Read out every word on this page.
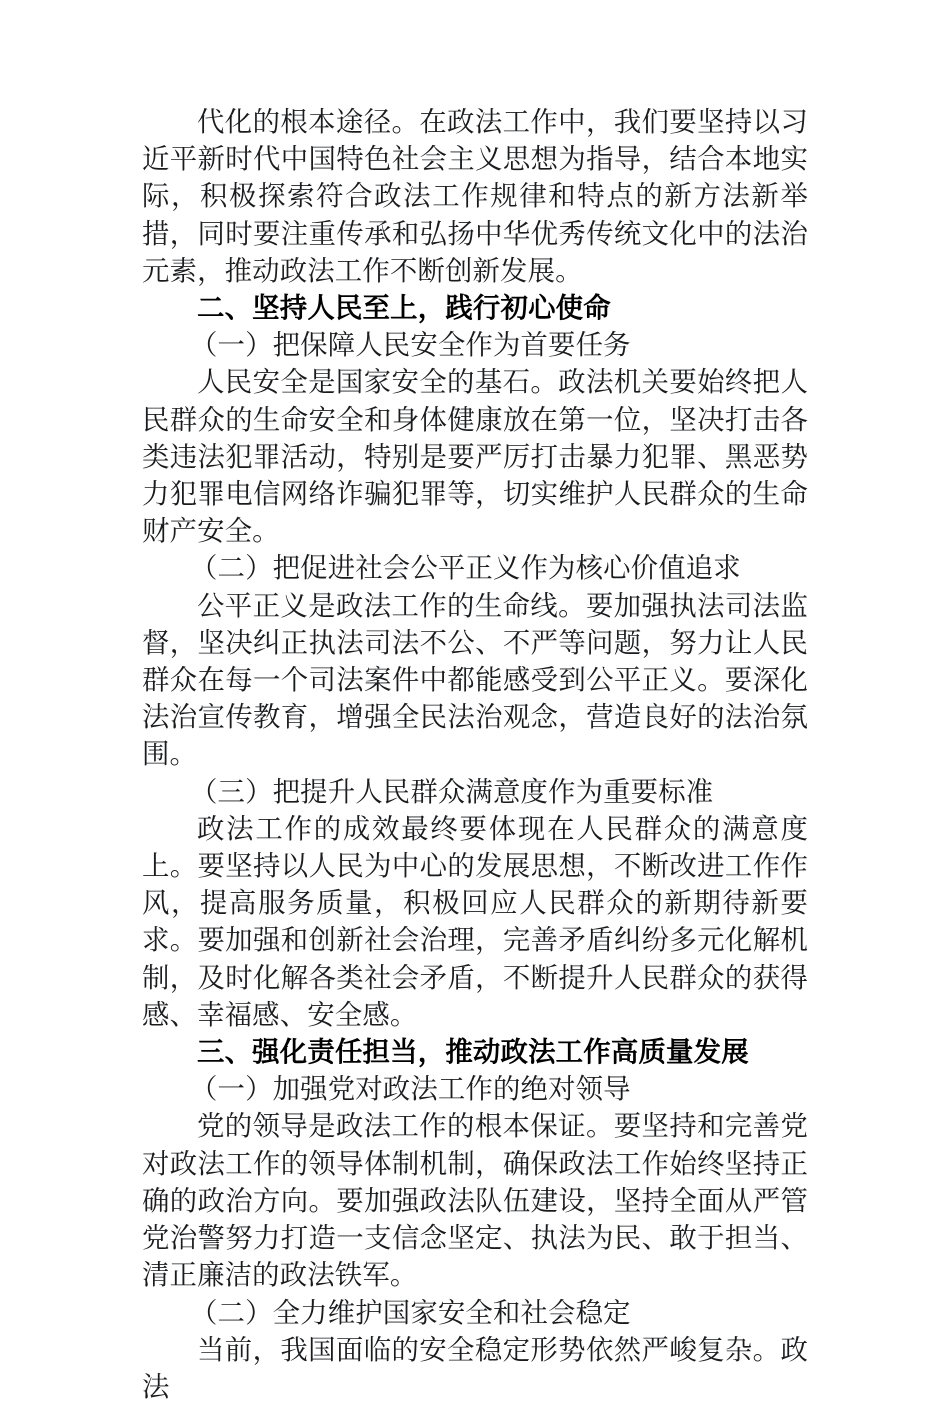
代化的根本途径。在政法工作中，我们要坚持以习近平新时代中国特色社会主义思想为指导，结合本地实际，积极探索符合政法工作规律和特点的新方法新举措，同时要注重传承和弘扬中华优秀传统文化中的法治元素，推动政法工作不断创新发展。

二、坚持人民至上，践行初心使命

（一）把保障人民安全作为首要任务

人民安全是国家安全的基石。政法机关要始终把人民群众的生命安全和身体健康放在第一位，坚决打击各类违法犯罪活动，特别是要严厉打击暴力犯罪、黑恶势力犯罪电信网络诈骗犯罪等，切实维护人民群众的生命财产安全。

（二）把促进社会公平正义作为核心价值追求

公平正义是政法工作的生命线。要加强执法司法监督，坚决纠正执法司法不公、不严等问题，努力让人民群众在每一个司法案件中都能感受到公平正义。要深化法治宣传教育，增强全民法治观念，营造良好的法治氛围。

（三）把提升人民群众满意度作为重要标准

政法工作的成效最终要体现在人民群众的满意度上。要坚持以人民为中心的发展思想，不断改进工作作风，提高服务质量，积极回应人民群众的新期待新要求。要加强和创新社会治理，完善矛盾纠纷多元化解机制，及时化解各类社会矛盾，不断提升人民群众的获得感、幸福感、安全感。

三、强化责任担当，推动政法工作高质量发展

（一）加强党对政法工作的绝对领导

党的领导是政法工作的根本保证。要坚持和完善党对政法工作的领导体制机制，确保政法工作始终坚持正确的政治方向。要加强政法队伍建设，坚持全面从严管党治警努力打造一支信念坚定、执法为民、敢于担当、清正廉洁的政法铁军。

（二）全力维护国家安全和社会稳定

当前，我国面临的安全稳定形势依然严峻复杂。政法
